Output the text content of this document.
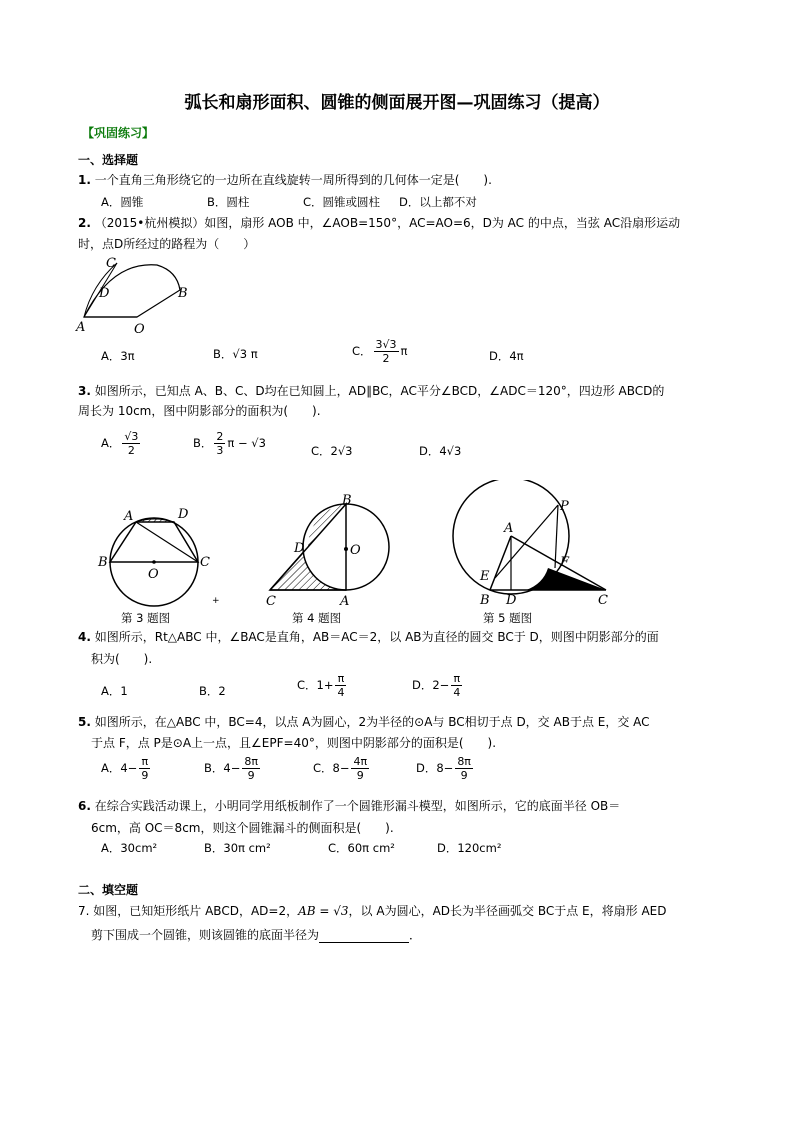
弧长和扇形面积、圆锥的侧面展开图—巩固练习（提高）
【巩固练习】
一、选择题
1. 一个直角三角形绕它的一边所在直线旋转一周所得到的几何体一定是(　　).
A．圆锥	B．圆柱	C．圆锥或圆柱 D．以上都不对
2. （2015•杭州模拟）如图，扇形 AOB 中，∠AOB=150°，AC=AO=6，D为 AC 的中点，当弦 AC沿扇形运动
时，点D所经过的路程为（　　）
C
D	B
A	O
A．3π	B．√3 π	C． $\frac{3√3}{2}$ π	D．4π
3. 如图所示，已知点 A、B、C、D均在已知圆上，AD∥BC，AC平分∠BCD，∠ADC＝120°，四边形 ABCD的
周长为 10cm，图中阴影部分的面积为(　　).
A． $\frac{√3}{2}$	B． $\frac{2}{3}$ π − √3
C．2√3	D．4√3
A	D
B
O
C
第 3 题图
+
B
D	O
C	A
第 4 题图
P
A
F
E
B D	C
第 5 题图
4. 如图所示，Rt△ABC 中，∠BAC是直角，AB＝AC＝2，以 AB为直径的圆交 BC于 D，则图中阴影部分的面
积为(　　).
A．1	B．2	C．$1+ \frac{\pi}{4}$	D．$2- \frac{\pi}{4}$
5. 如图所示，在△ABC 中，BC=4，以点 A为圆心，2为半径的⊙A与 BC相切于点 D，交 AB于点 E，交 AC
于点 F，点 P是⊙A上一点，且∠EPF=40°，则图中阴影部分的面积是(　　).
A．$4- \frac{\pi}{9}$	B．$4- \frac{8\pi}{9}$	C．$8- \frac{4\pi}{9}$	D．$8- \frac{8\pi}{9}$
6. 在综合实践活动课上，小明同学用纸板制作了一个圆锥形漏斗模型，如图所示，它的底面半径 OB＝
6cm，高 OC＝8cm，则这个圆锥漏斗的侧面积是(　　).
A．30cm²	B．30π cm²	C．60π cm²	D．120cm²
二、填空题
7. 如图，已知矩形纸片 ABCD，AD=2，AB = √3，以 A为圆心，AD长为半径画弧交 BC于点 E，将扇形 AED
剪下围成一个圆锥，则该圆锥的底面半径为	．
